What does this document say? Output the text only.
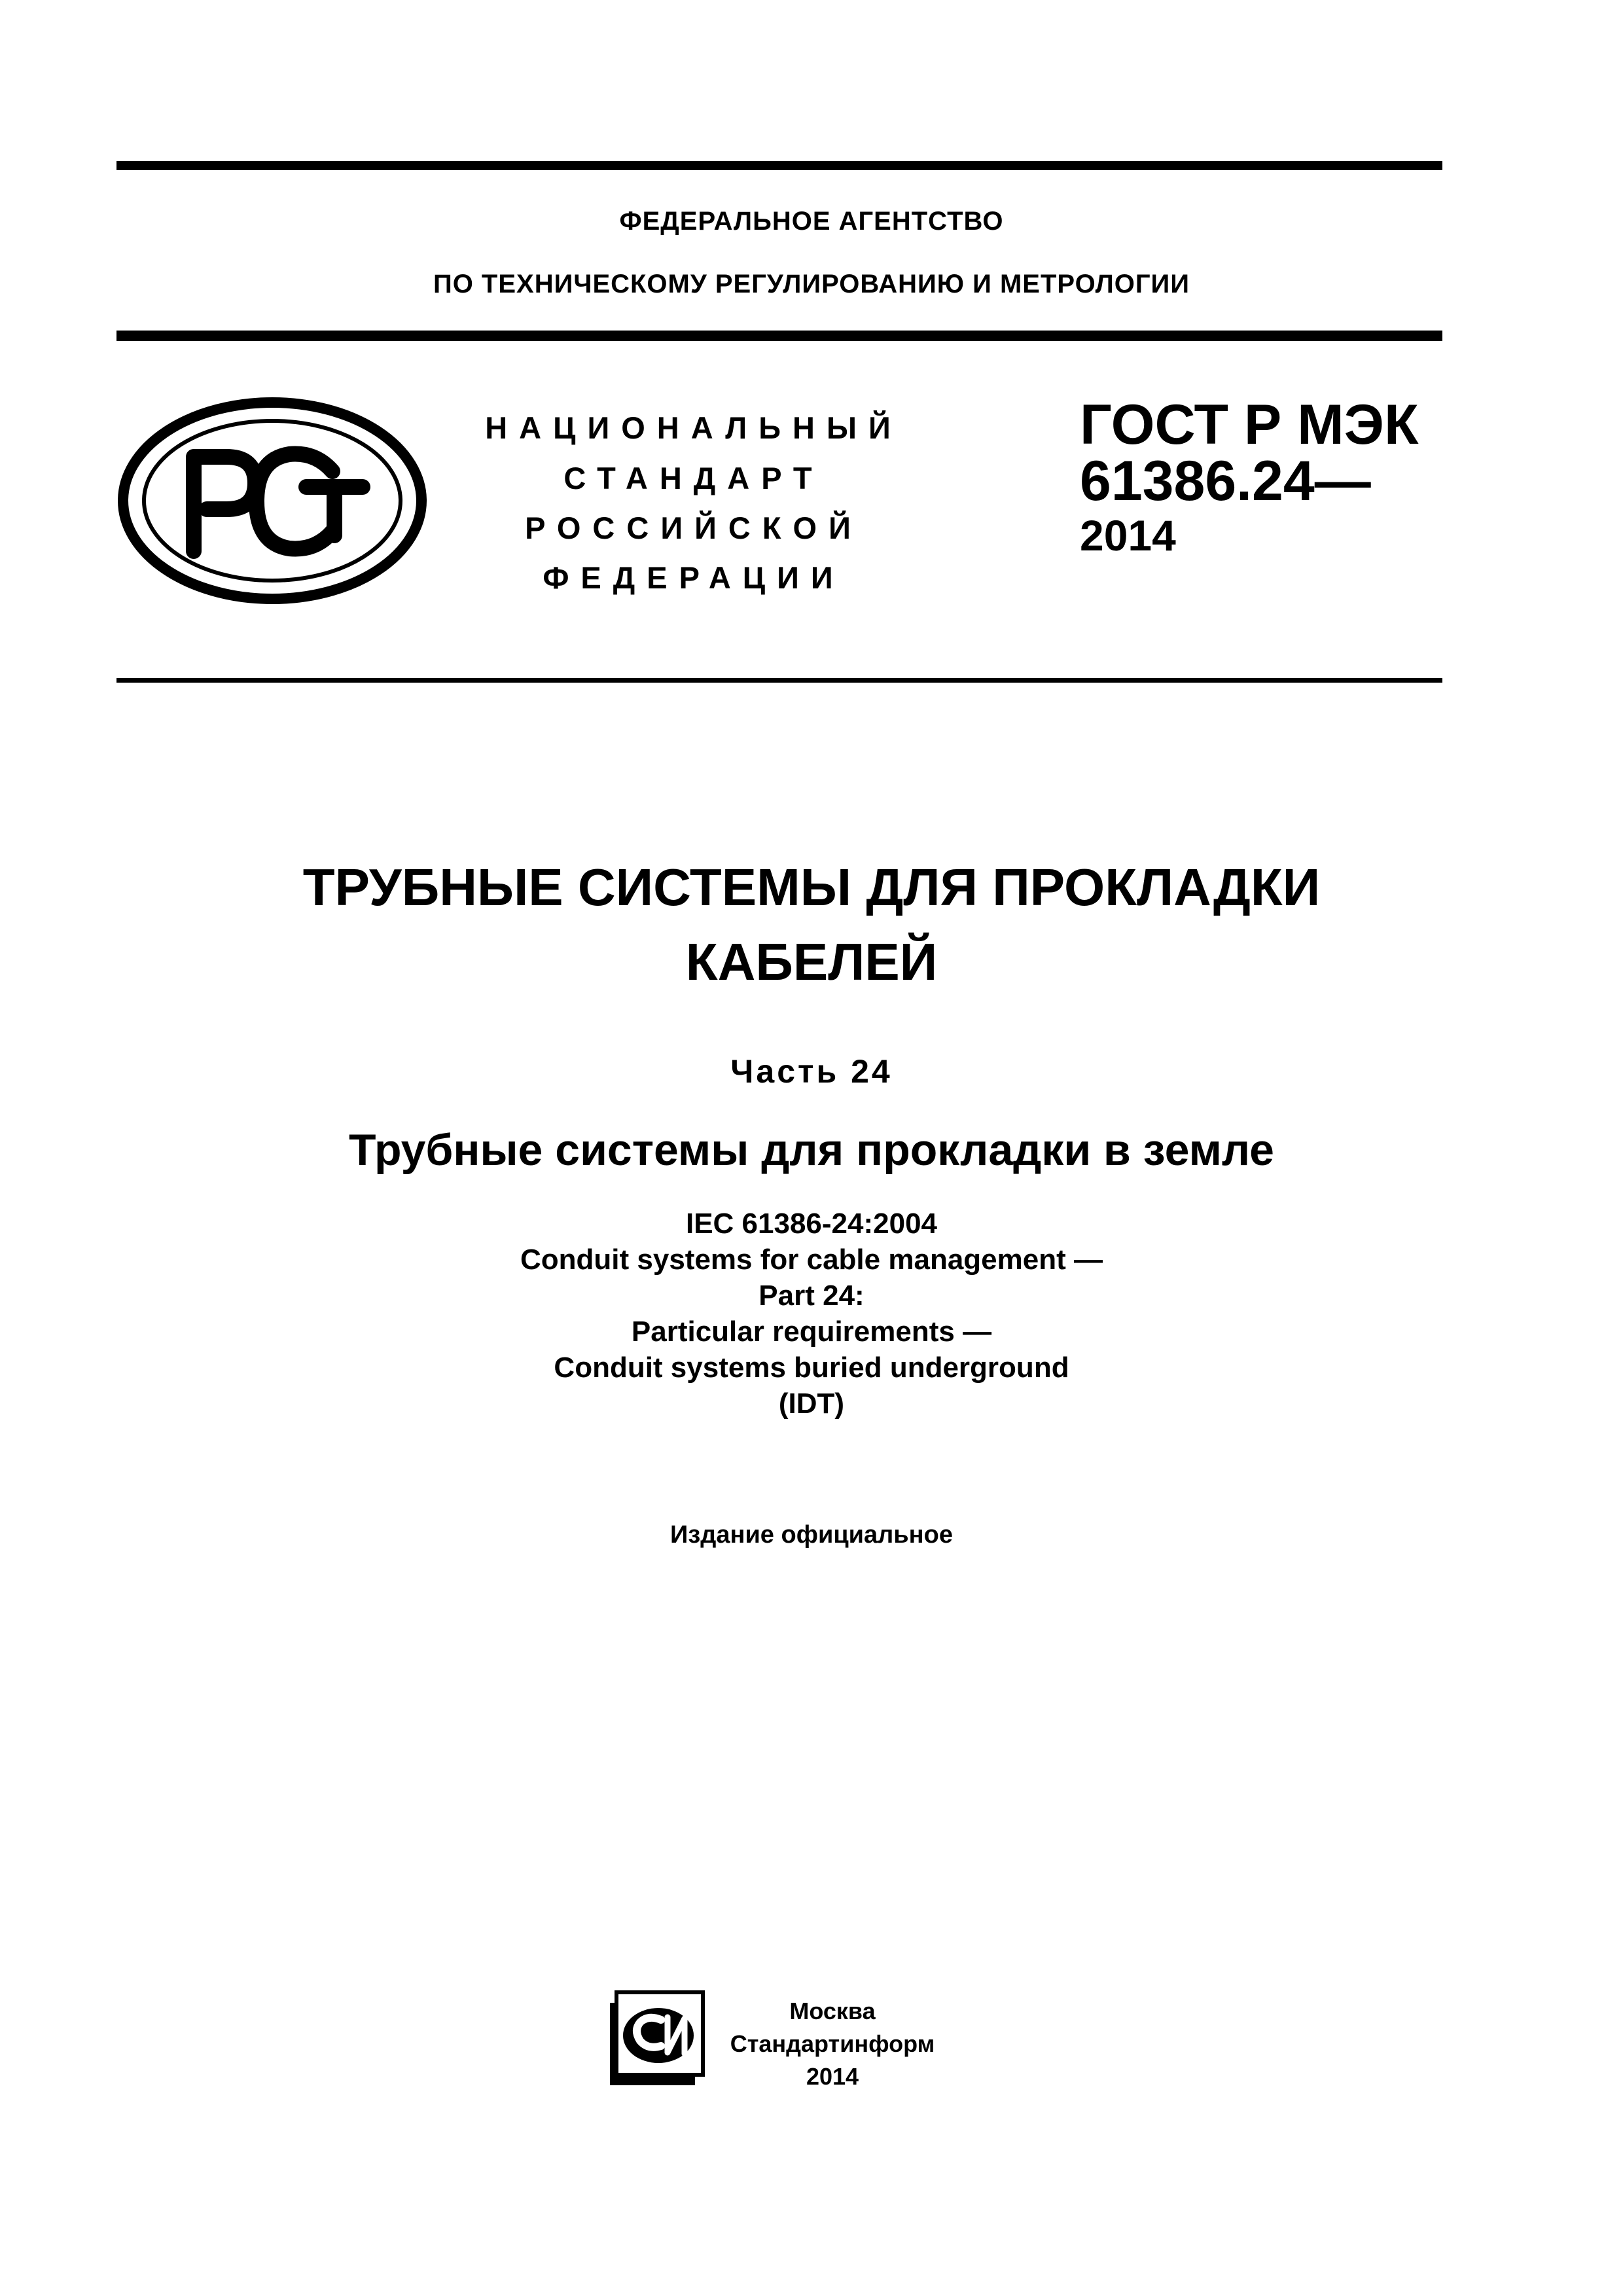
ФЕДЕРАЛЬНОЕ АГЕНТСТВО
ПО ТЕХНИЧЕСКОМУ РЕГУЛИРОВАНИЮ И МЕТРОЛОГИИ
НАЦИОНАЛЬНЫЙ
СТАНДАРТ
РОССИЙСКОЙ
ФЕДЕРАЦИИ
ГОСТ Р МЭК
61386.24—
2014
ТРУБНЫЕ СИСТЕМЫ ДЛЯ ПРОКЛАДКИ
КАБЕЛЕЙ
Часть 24
Трубные системы для прокладки в земле
IEC 61386-24:2004
Conduit systems for cable management —
Part 24:
Particular requirements —
Conduit systems buried underground
(IDT)
Издание официальное
Москва
Стандартинформ
2014
